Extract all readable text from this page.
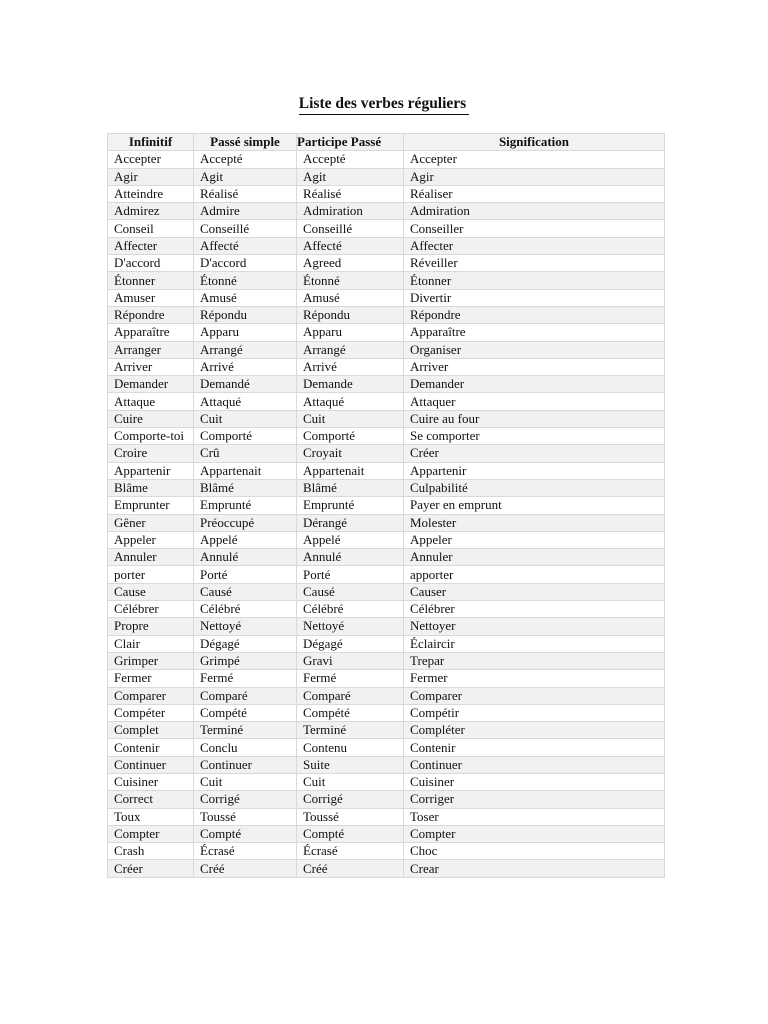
Liste des verbes réguliers
Infinitif	Passé simple	Participe Passé	Signification
Accepter	Accepté	Accepté	Accepter
Agir	Agit	Agit	Agir
Atteindre	Réalisé	Réalisé	Réaliser
Admirez	Admire	Admiration	Admiration
Conseil	Conseillé	Conseillé	Conseiller
Affecter	Affecté	Affecté	Affecter
D'accord	D'accord	Agreed	Réveiller
Étonner	Étonné	Étonné	Étonner
Amuser	Amusé	Amusé	Divertir
Répondre	Répondu	Répondu	Répondre
Apparaître	Apparu	Apparu	Apparaître
Arranger	Arrangé	Arrangé	Organiser
Arriver	Arrivé	Arrivé	Arriver
Demander	Demandé	Demande	Demander
Attaque	Attaqué	Attaqué	Attaquer
Cuire	Cuit	Cuit	Cuire au four
Comporte-toi	Comporté	Comporté	Se comporter
Croire	Crû	Croyait	Créer
Appartenir	Appartenait	Appartenait	Appartenir
Blâme	Blâmé	Blâmé	Culpabilité
Emprunter	Emprunté	Emprunté	Payer en emprunt
Gêner	Préoccupé	Dérangé	Molester
Appeler	Appelé	Appelé	Appeler
Annuler	Annulé	Annulé	Annuler
porter	Porté	Porté	apporter
Cause	Causé	Causé	Causer
Célébrer	Célébré	Célébré	Célébrer
Propre	Nettoyé	Nettoyé	Nettoyer
Clair	Dégagé	Dégagé	Éclaircir
Grimper	Grimpé	Gravi	Trepar
Fermer	Fermé	Fermé	Fermer
Comparer	Comparé	Comparé	Comparer
Compéter	Compété	Compété	Compétir
Complet	Terminé	Terminé	Compléter
Contenir	Conclu	Contenu	Contenir
Continuer	Continuer	Suite	Continuer
Cuisiner	Cuit	Cuit	Cuisiner
Correct	Corrigé	Corrigé	Corriger
Toux	Toussé	Toussé	Toser
Compter	Compté	Compté	Compter
Crash	Écrasé	Écrasé	Choc
Créer	Créé	Créé	Crear
